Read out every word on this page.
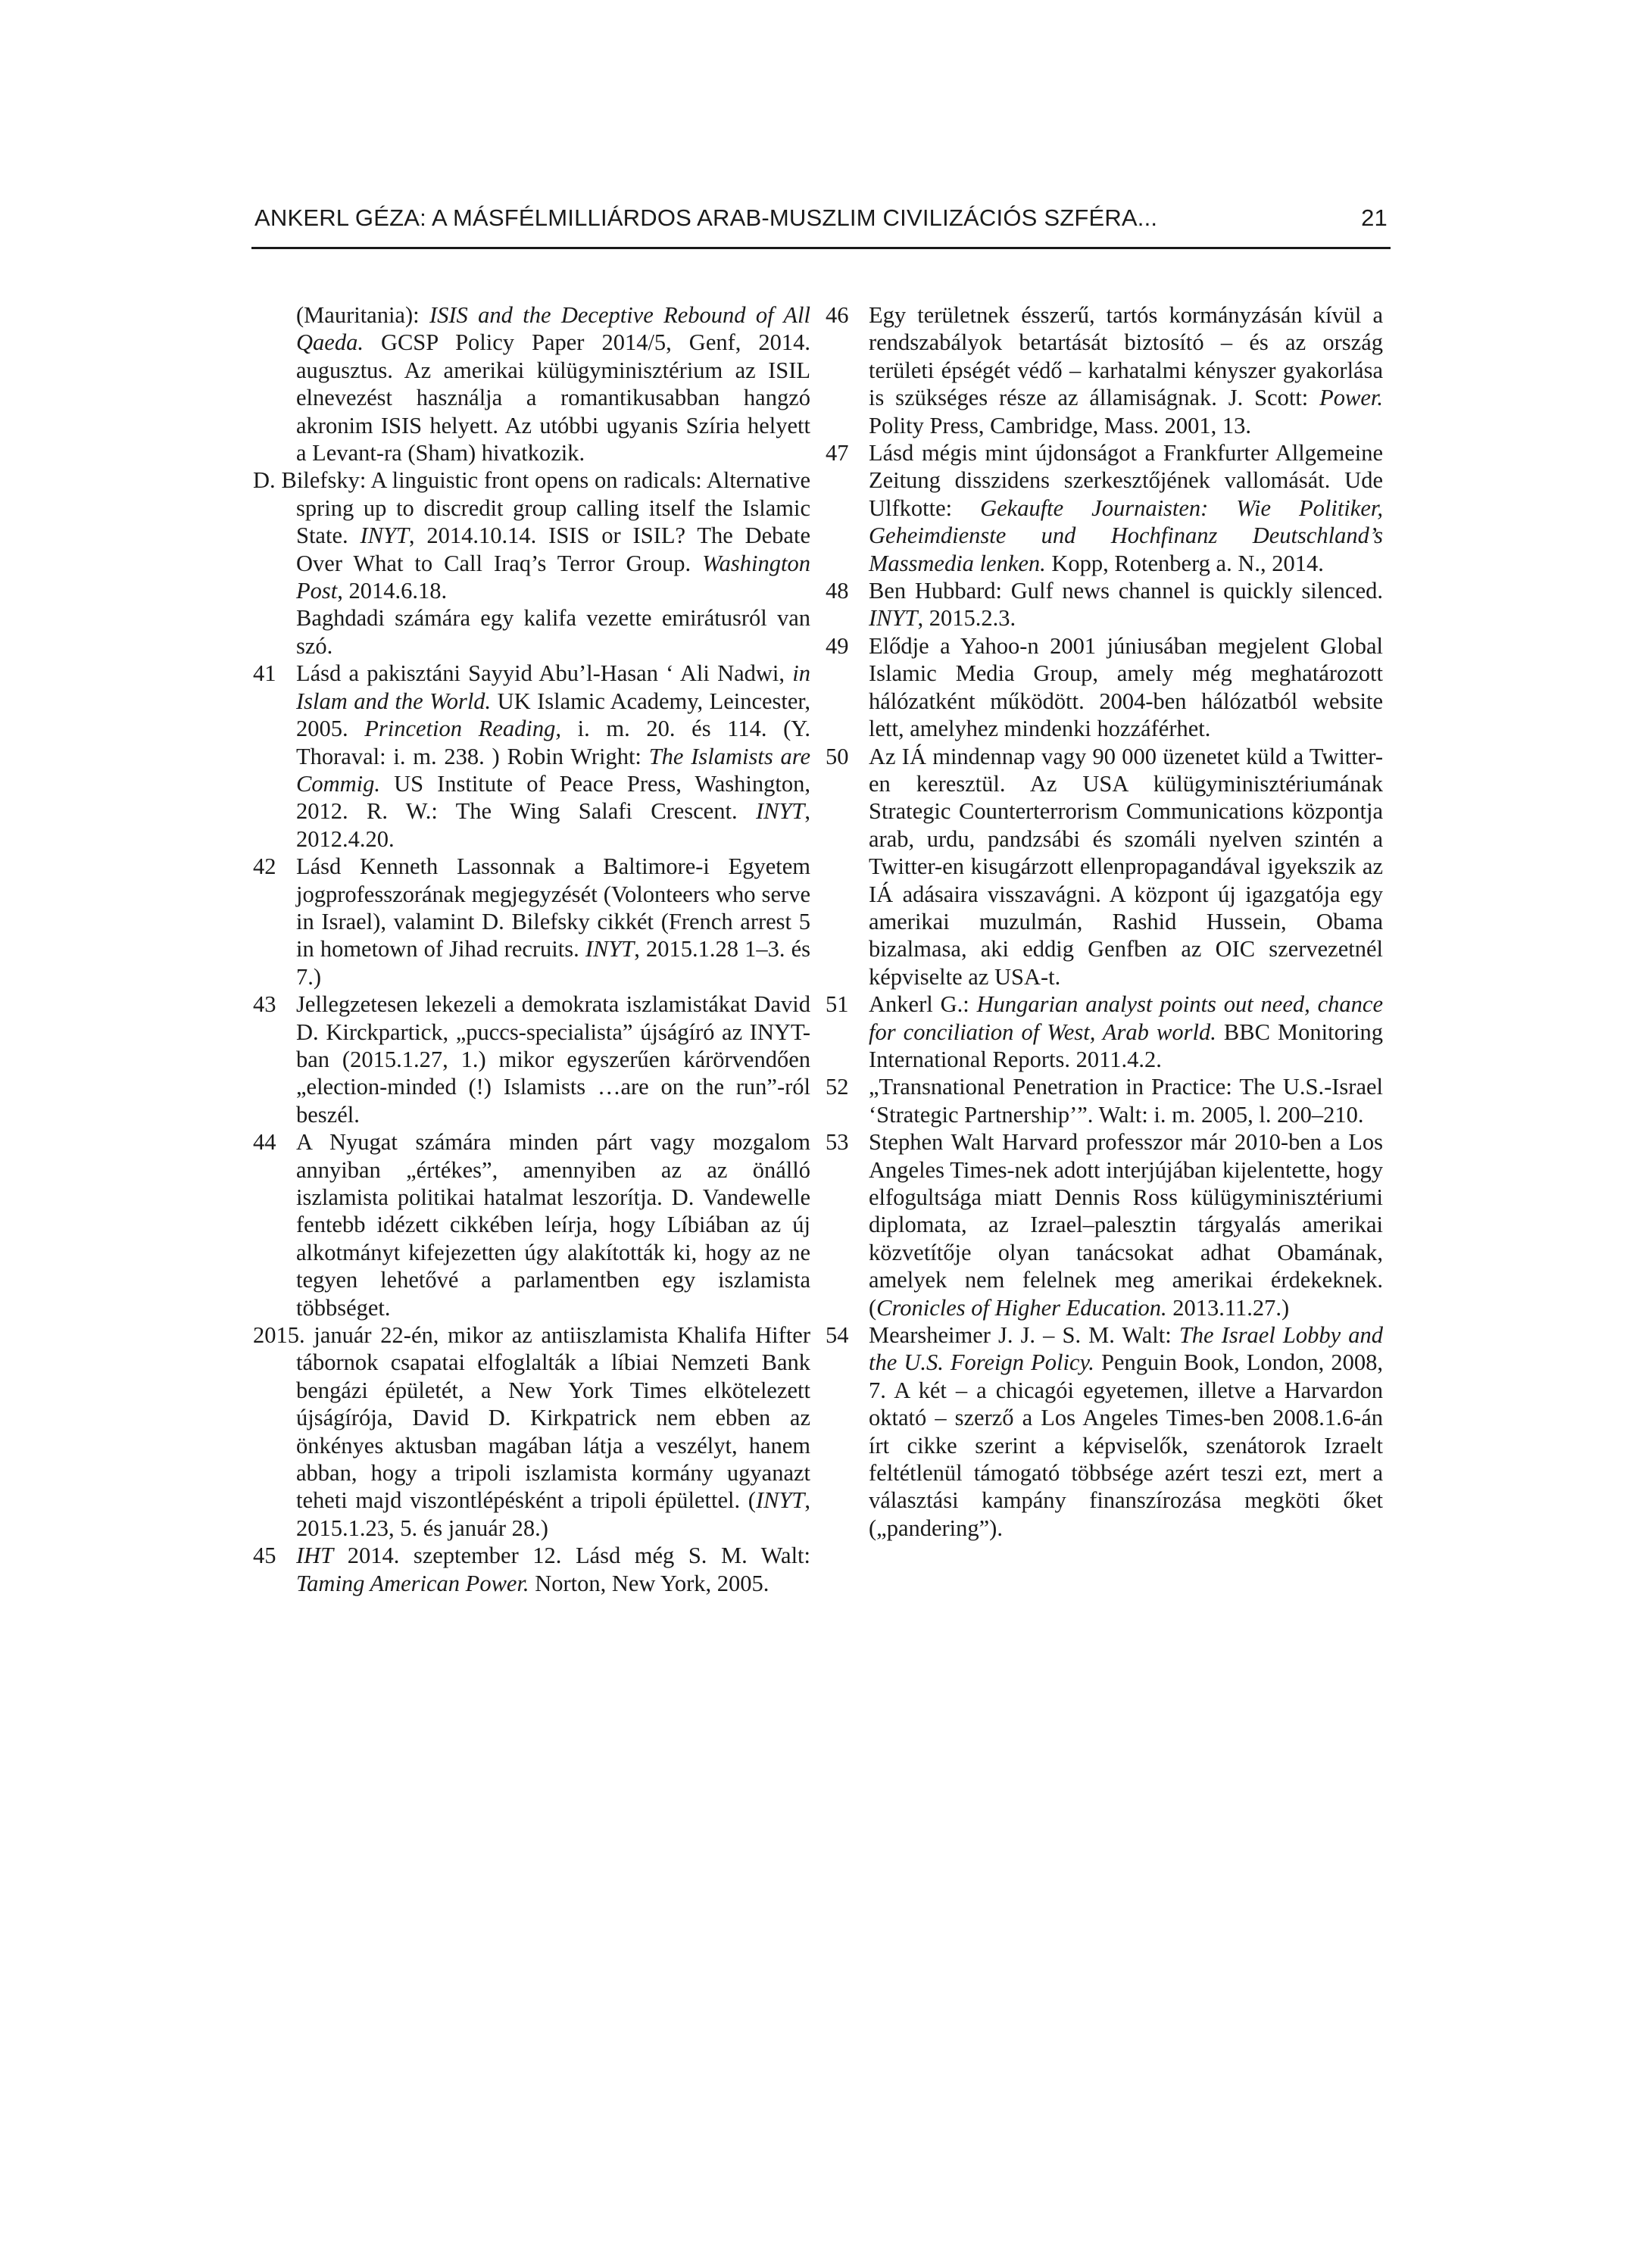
ANKERL GÉZA: A MÁSFÉLMILLIÁRDOS ARAB-MUSZLIM CIVILIZÁCIÓS SZFÉRA...	21
(Mauritania): ISIS and the Deceptive Rebound of All Qaeda. GCSP Policy Paper 2014/5, Genf, 2014. augusztus. Az amerikai külügyminisztérium az ISIL elnevezést használja a romantikusabban hangzó akronim ISIS helyett. Az utóbbi ugyanis Szíria helyett a Levant-ra (Sham) hivatkozik.
D. Bilefsky: A linguistic front opens on radicals: Alternative spring up to discredit group calling itself the Islamic State. INYT, 2014.10.14. ISIS or ISIL? The Debate Over What to Call Iraq’s Terror Group. Washington Post, 2014.6.18.
Baghdadi számára egy kalifa vezette emirátusról van szó.
41 Lásd a pakisztáni Sayyid Abu’l-Hasan ‘ Ali Nadwi, in Islam and the World. UK Islamic Academy, Leincester, 2005. Princetion Reading, i. m. 20. és 114. (Y. Thoraval: i. m. 238. ) Robin Wright: The Islamists are Commig. US Institute of Peace Press, Washington, 2012. R. W.: The Wing Salafi Crescent. INYT, 2012.4.20.
42 Lásd Kenneth Lassonnak a Baltimore-i Egyetem jogprofesszorának megjegyzését (Volonteers who serve in Israel), valamint D. Bilefsky cikkét (French arrest 5 in hometown of Jihad recruits. INYT, 2015.1.28 1–3. és 7.)
43 Jellegzetesen lekezeli a demokrata iszlamistákat David D. Kirckpartick, „puccs-specialista” újságíró az INYT-ban (2015.1.27, 1.) mikor egyszerűen kárörvendően „election-minded (!) Islamists …are on the run”-ról beszél.
44 A Nyugat számára minden párt vagy mozgalom annyiban „értékes”, amennyiben az az önálló iszlamista politikai hatalmat leszorítja. D. Vandewelle fentebb idézett cikkében leírja, hogy Líbiában az új alkotmányt kifejezetten úgy alakították ki, hogy az ne tegyen lehetővé a parlamentben egy iszlamista többséget.
2015. január 22-én, mikor az antiiszlamista Khalifa Hifter tábornok csapatai elfoglalták a líbiai Nemzeti Bank bengázi épületét, a New York Times elkötelezett újságírója, David D. Kirkpatrick nem ebben az önkényes aktusban magában látja a veszélyt, hanem abban, hogy a tripoli iszlamista kormány ugyanazt teheti majd viszontlépésként a tripoli épülettel. (INYT, 2015.1.23, 5. és január 28.)
45 IHT 2014. szeptember 12. Lásd még S. M. Walt: Taming American Power. Norton, New York, 2005.
46 Egy területnek ésszerű, tartós kormányzásán kívül a rendszabályok betartását biztosító – és az ország területi épségét védő – karhatalmi kényszer gyakorlása is szükséges része az államiságnak. J. Scott: Power. Polity Press, Cambridge, Mass. 2001, 13.
47 Lásd mégis mint újdonságot a Frankfurter Allgemeine Zeitung disszidens szerkesztőjének vallomását. Ude Ulfkotte: Gekaufte Journaisten: Wie Politiker, Geheimdienste und Hochfinanz Deutschland’s Massmedia lenken. Kopp, Rotenberg a. N., 2014.
48 Ben Hubbard: Gulf news channel is quickly silenced. INYT, 2015.2.3.
49 Elődje a Yahoo-n 2001 júniusában megjelent Global Islamic Media Group, amely még meghatározott hálózatként működött. 2004-ben hálózatból website lett, amelyhez mindenki hozzáférhet.
50 Az IÁ mindennap vagy 90 000 üzenetet küld a Twitter-en keresztül. Az USA külügyminisztériumának Strategic Counterterrorism Communications központja arab, urdu, pandzsábi és szomáli nyelven szintén a Twitter-en kisugárzott ellenpropagandával igyekszik az IÁ adásaira visszavágni. A központ új igazgatója egy amerikai muzulmán, Rashid Hussein, Obama bizalmasa, aki eddig Genfben az OIC szervezetnél képviselte az USA-t.
51 Ankerl G.: Hungarian analyst points out need, chance for conciliation of West, Arab world. BBC Monitoring International Reports. 2011.4.2.
52 „Transnational Penetration in Practice: The U.S.-Israel ‘Strategic Partnership’”. Walt: i. m. 2005, l. 200–210.
53 Stephen Walt Harvard professzor már 2010-ben a Los Angeles Times-nek adott interjújában kijelentette, hogy elfogultsága miatt Dennis Ross külügyminisztériumi diplomata, az Izrael–palesztin tárgyalás amerikai közvetítője olyan tanácsokat adhat Obamának, amelyek nem felelnek meg amerikai érdekeknek. (Cronicles of Higher Education. 2013.11.27.)
54 Mearsheimer J. J. – S. M. Walt: The Israel Lobby and the U.S. Foreign Policy. Penguin Book, London, 2008, 7. A két – a chicagói egyetemen, illetve a Harvardon oktató – szerző a Los Angeles Times-ben 2008.1.6-án írt cikke szerint a képviselők, szenátorok Izraelt feltétlenül támogató többsége azért teszi ezt, mert a választási kampány finanszírozása megköti őket („pandering”).
